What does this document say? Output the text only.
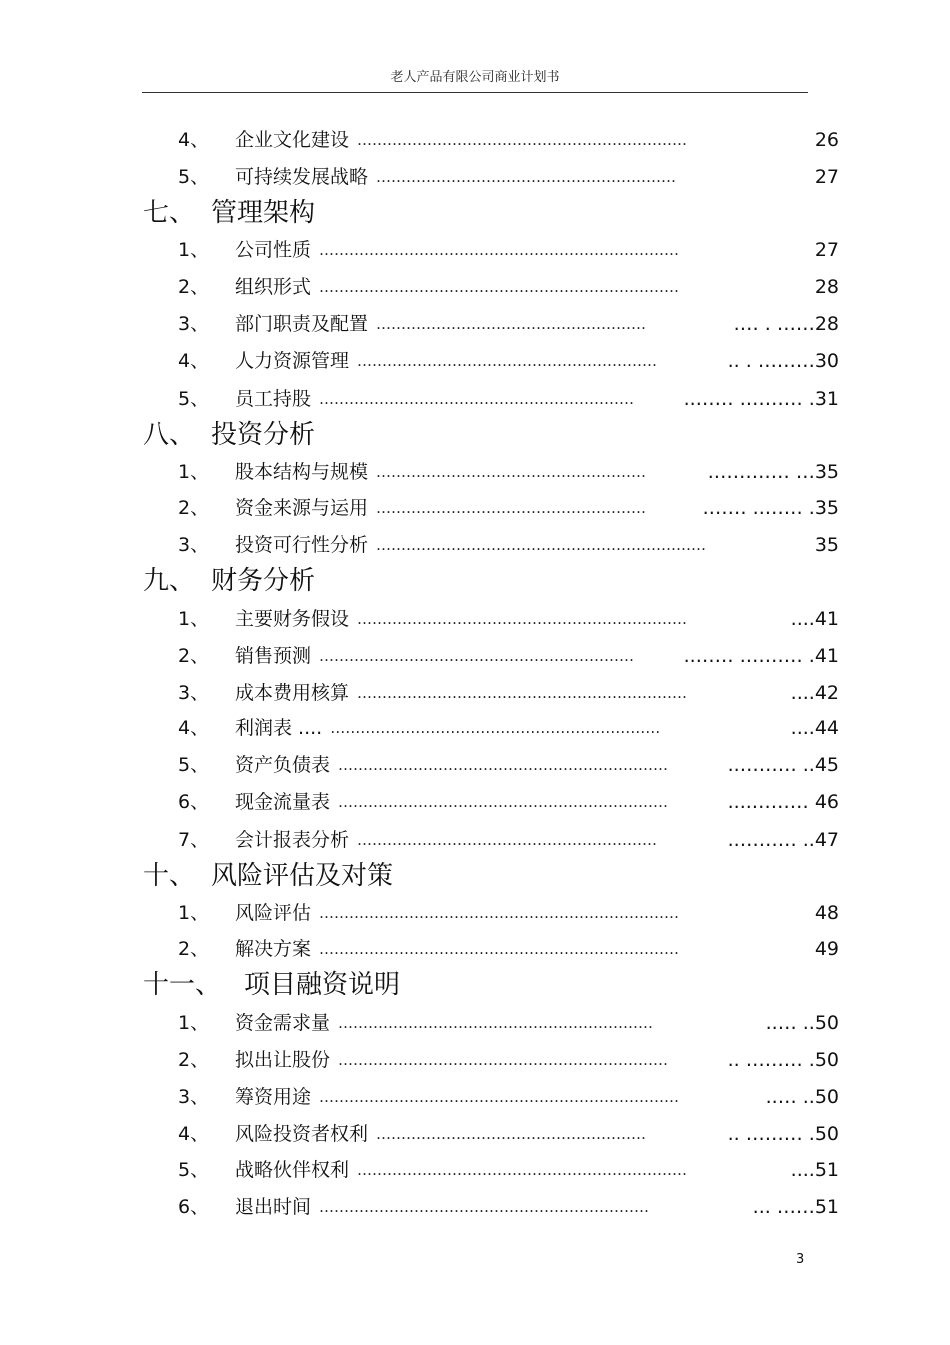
老人产品有限公司商业计划书
4、 企业文化建设 …………………………………………………………	26
5、 可持续发展战略 ……………………………………………………	27
七、 管理架构
1、 公司性质 ………………………………………………………………	27
2、 组织形式 ………………………………………………………………	28
3、 部门职责及配置 ………………………………………………	.… . ……28
4、 人力资源管理 ……………………………………………………	.. . ………30
5、 员工持股 ………………………………………………………	..…… .……… .31
八、 投资分析
1、 股本结构与规模 ………………………………………………	.………… …35
2、 资金来源与运用 ………………………………………………	.…… ..…… .35
3、 投资可行性分析 …………………………………………………………	35
九、 财务分析
1、 主要财务假设 …………………………………………………………	....41
2、 销售预测 ………………………………………………………	..…… .……… .41
3、 成本费用核算 …………………………………………………………	....42
4、 利润表 .... …………………………………………………………	....44
5、 资产负债表 …………………………………………………………	..……… ..45
6、 现金流量表 …………………………………………………………	....……… 46
7、 会计报表分析 ……………………………………………………	..……… ..47
十、 风险评估及对策
1、 风险评估 ………………………………………………………………	48
2、 解决方案 ………………………………………………………………	49
十一、 项目融资说明
1、 资金需求量 ………………………………………………………	..… ..50
2、 拟出让股份 …………………………………………………………	.. ……… .50
3、 筹资用途 ………………………………………………………………	..… ..50
4、 风险投资者权利 ………………………………………………	.. ……… .50
5、 战略伙伴权利 …………………………………………………………	....51
6、 退出时间 …………………………………………………………	... ……51
3
